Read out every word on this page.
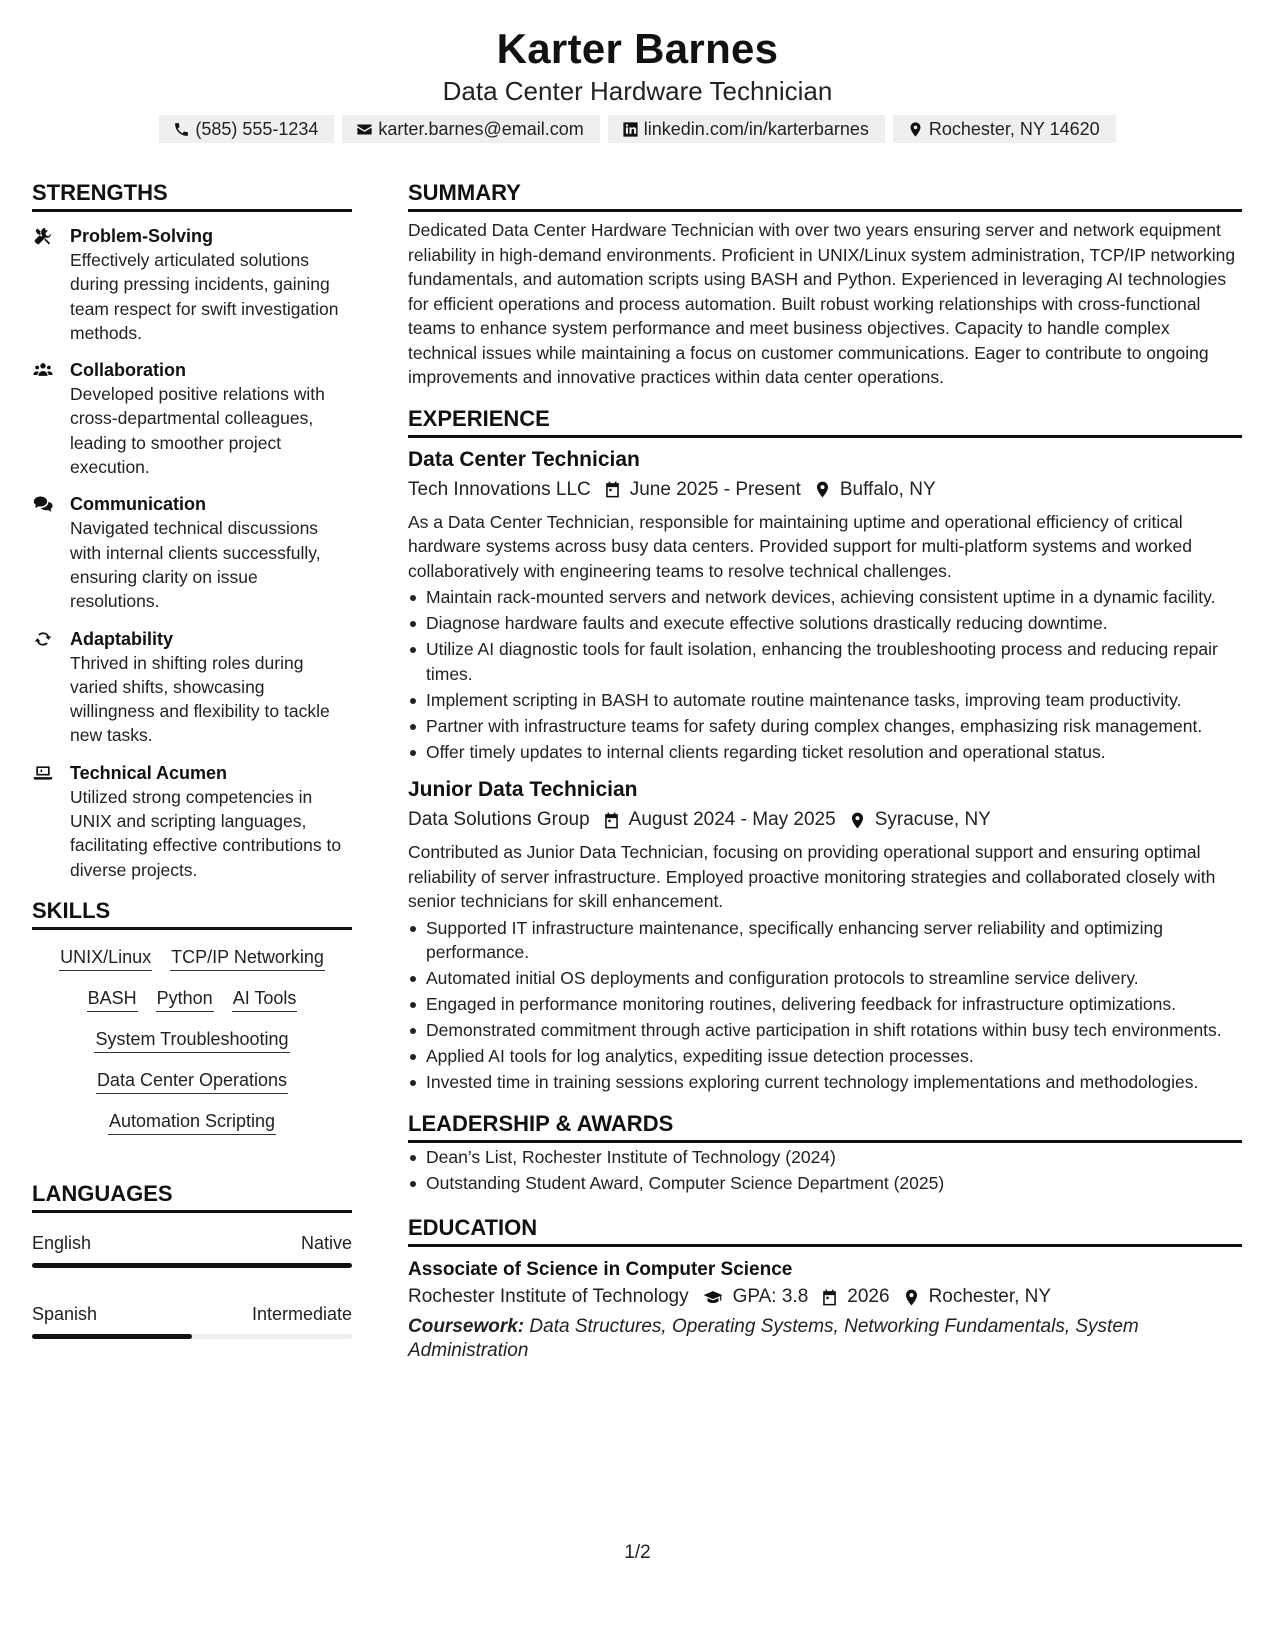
Karter Barnes
Data Center Hardware Technician
(585) 555-1234	karter.barnes@email.com	linkedin.com/in/karterbarnes	Rochester, NY 14620
STRENGTHS
Problem-Solving
Effectively articulated solutions during pressing incidents, gaining team respect for swift investigation methods.
Collaboration
Developed positive relations with cross-departmental colleagues, leading to smoother project execution.
Communication
Navigated technical discussions with internal clients successfully, ensuring clarity on issue resolutions.
Adaptability
Thrived in shifting roles during varied shifts, showcasing willingness and flexibility to tackle new tasks.
Technical Acumen
Utilized strong competencies in UNIX and scripting languages, facilitating effective contributions to diverse projects.
SKILLS
UNIX/Linux TCP/IP Networking
BASH Python AI Tools
System Troubleshooting
Data Center Operations
Automation Scripting
LANGUAGES
English	Native
Spanish	Intermediate
SUMMARY
Dedicated Data Center Hardware Technician with over two years ensuring server and network equipment reliability in high-demand environments. Proficient in UNIX/Linux system administration, TCP/IP networking fundamentals, and automation scripts using BASH and Python. Experienced in leveraging AI technologies for efficient operations and process automation. Built robust working relationships with cross-functional teams to enhance system performance and meet business objectives. Capacity to handle complex technical issues while maintaining a focus on customer communications. Eager to contribute to ongoing improvements and innovative practices within data center operations.
EXPERIENCE
Data Center Technician
Tech Innovations LLC June 2025 - Present Buffalo, NY
As a Data Center Technician, responsible for maintaining uptime and operational efficiency of critical hardware systems across busy data centers. Provided support for multi-platform systems and worked collaboratively with engineering teams to resolve technical challenges.
Maintain rack-mounted servers and network devices, achieving consistent uptime in a dynamic facility.
Diagnose hardware faults and execute effective solutions drastically reducing downtime.
Utilize AI diagnostic tools for fault isolation, enhancing the troubleshooting process and reducing repair times.
Implement scripting in BASH to automate routine maintenance tasks, improving team productivity.
Partner with infrastructure teams for safety during complex changes, emphasizing risk management.
Offer timely updates to internal clients regarding ticket resolution and operational status.
Junior Data Technician
Data Solutions Group August 2024 - May 2025 Syracuse, NY
Contributed as Junior Data Technician, focusing on providing operational support and ensuring optimal reliability of server infrastructure. Employed proactive monitoring strategies and collaborated closely with senior technicians for skill enhancement.
Supported IT infrastructure maintenance, specifically enhancing server reliability and optimizing performance.
Automated initial OS deployments and configuration protocols to streamline service delivery.
Engaged in performance monitoring routines, delivering feedback for infrastructure optimizations.
Demonstrated commitment through active participation in shift rotations within busy tech environments.
Applied AI tools for log analytics, expediting issue detection processes.
Invested time in training sessions exploring current technology implementations and methodologies.
LEADERSHIP & AWARDS
Dean’s List, Rochester Institute of Technology (2024)
Outstanding Student Award, Computer Science Department (2025)
EDUCATION
Associate of Science in Computer Science
Rochester Institute of Technology GPA: 3.8 2026 Rochester, NY
Coursework: Data Structures, Operating Systems, Networking Fundamentals, System Administration
1/2
